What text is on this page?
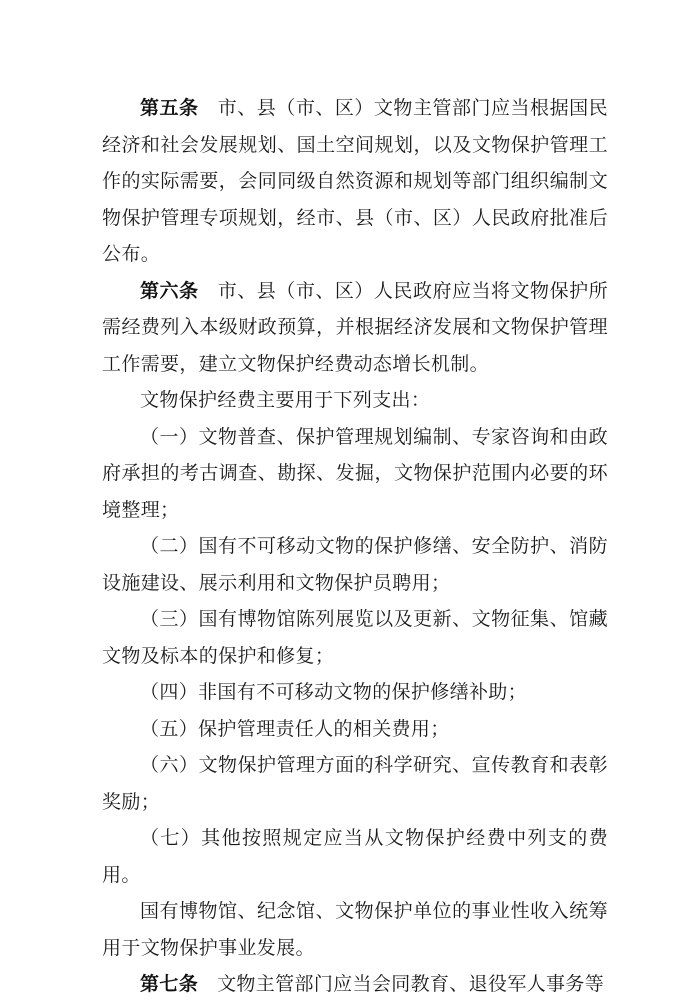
第五条 市、县（市、区）文物主管部门应当根据国民经济和社会发展规划、国土空间规划，以及文物保护管理工作的实际需要，会同同级自然资源和规划等部门组织编制文物保护管理专项规划，经市、县（市、区）人民政府批准后公布。

第六条 市、县（市、区）人民政府应当将文物保护所需经费列入本级财政预算，并根据经济发展和文物保护管理工作需要，建立文物保护经费动态增长机制。

文物保护经费主要用于下列支出：

（一）文物普查、保护管理规划编制、专家咨询和由政府承担的考古调查、勘探、发掘，文物保护范围内必要的环境整理；

（二）国有不可移动文物的保护修缮、安全防护、消防设施建设、展示利用和文物保护员聘用；

（三）国有博物馆陈列展览以及更新、文物征集、馆藏文物及标本的保护和修复；

（四）非国有不可移动文物的保护修缮补助；

（五）保护管理责任人的相关费用；

（六）文物保护管理方面的科学研究、宣传教育和表彰奖励；

（七）其他按照规定应当从文物保护经费中列支的费用。

国有博物馆、纪念馆、文物保护单位的事业性收入统筹用于文物保护事业发展。

第七条 文物主管部门应当会同教育、退役军人事务等
